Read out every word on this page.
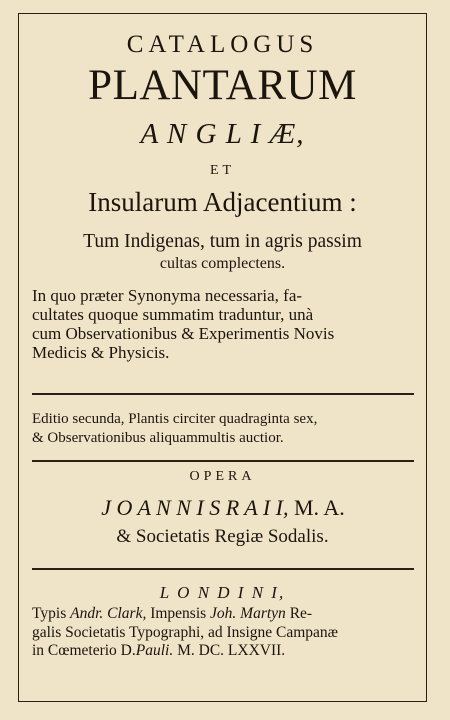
CATALOGUS
PLANTARUM
A N G L I Æ,
ET
Insularum Adjacentium :
Tum Indigenas, tum in agris passim
cultas complectens.
In quo præter Synonyma necessaria, fa-
cultates quoque summatim traduntur, unà
cum Observationibus & Experimentis Novis
Medicis & Physicis.
Editio secunda, Plantis circiter quadraginta sex,
& Observationibus aliquammultis auctior.
OPERA
J O A N N I S R A I I, M. A.
& Societatis Regiæ Sodalis.
L O N D I N I,
Typis Andr. Clark, Impensis Joh. Martyn Re-
galis Societatis Typographi, ad Insigne Campanæ
in Cœmeterio D.Pauli. M. DC. LXXVII.
